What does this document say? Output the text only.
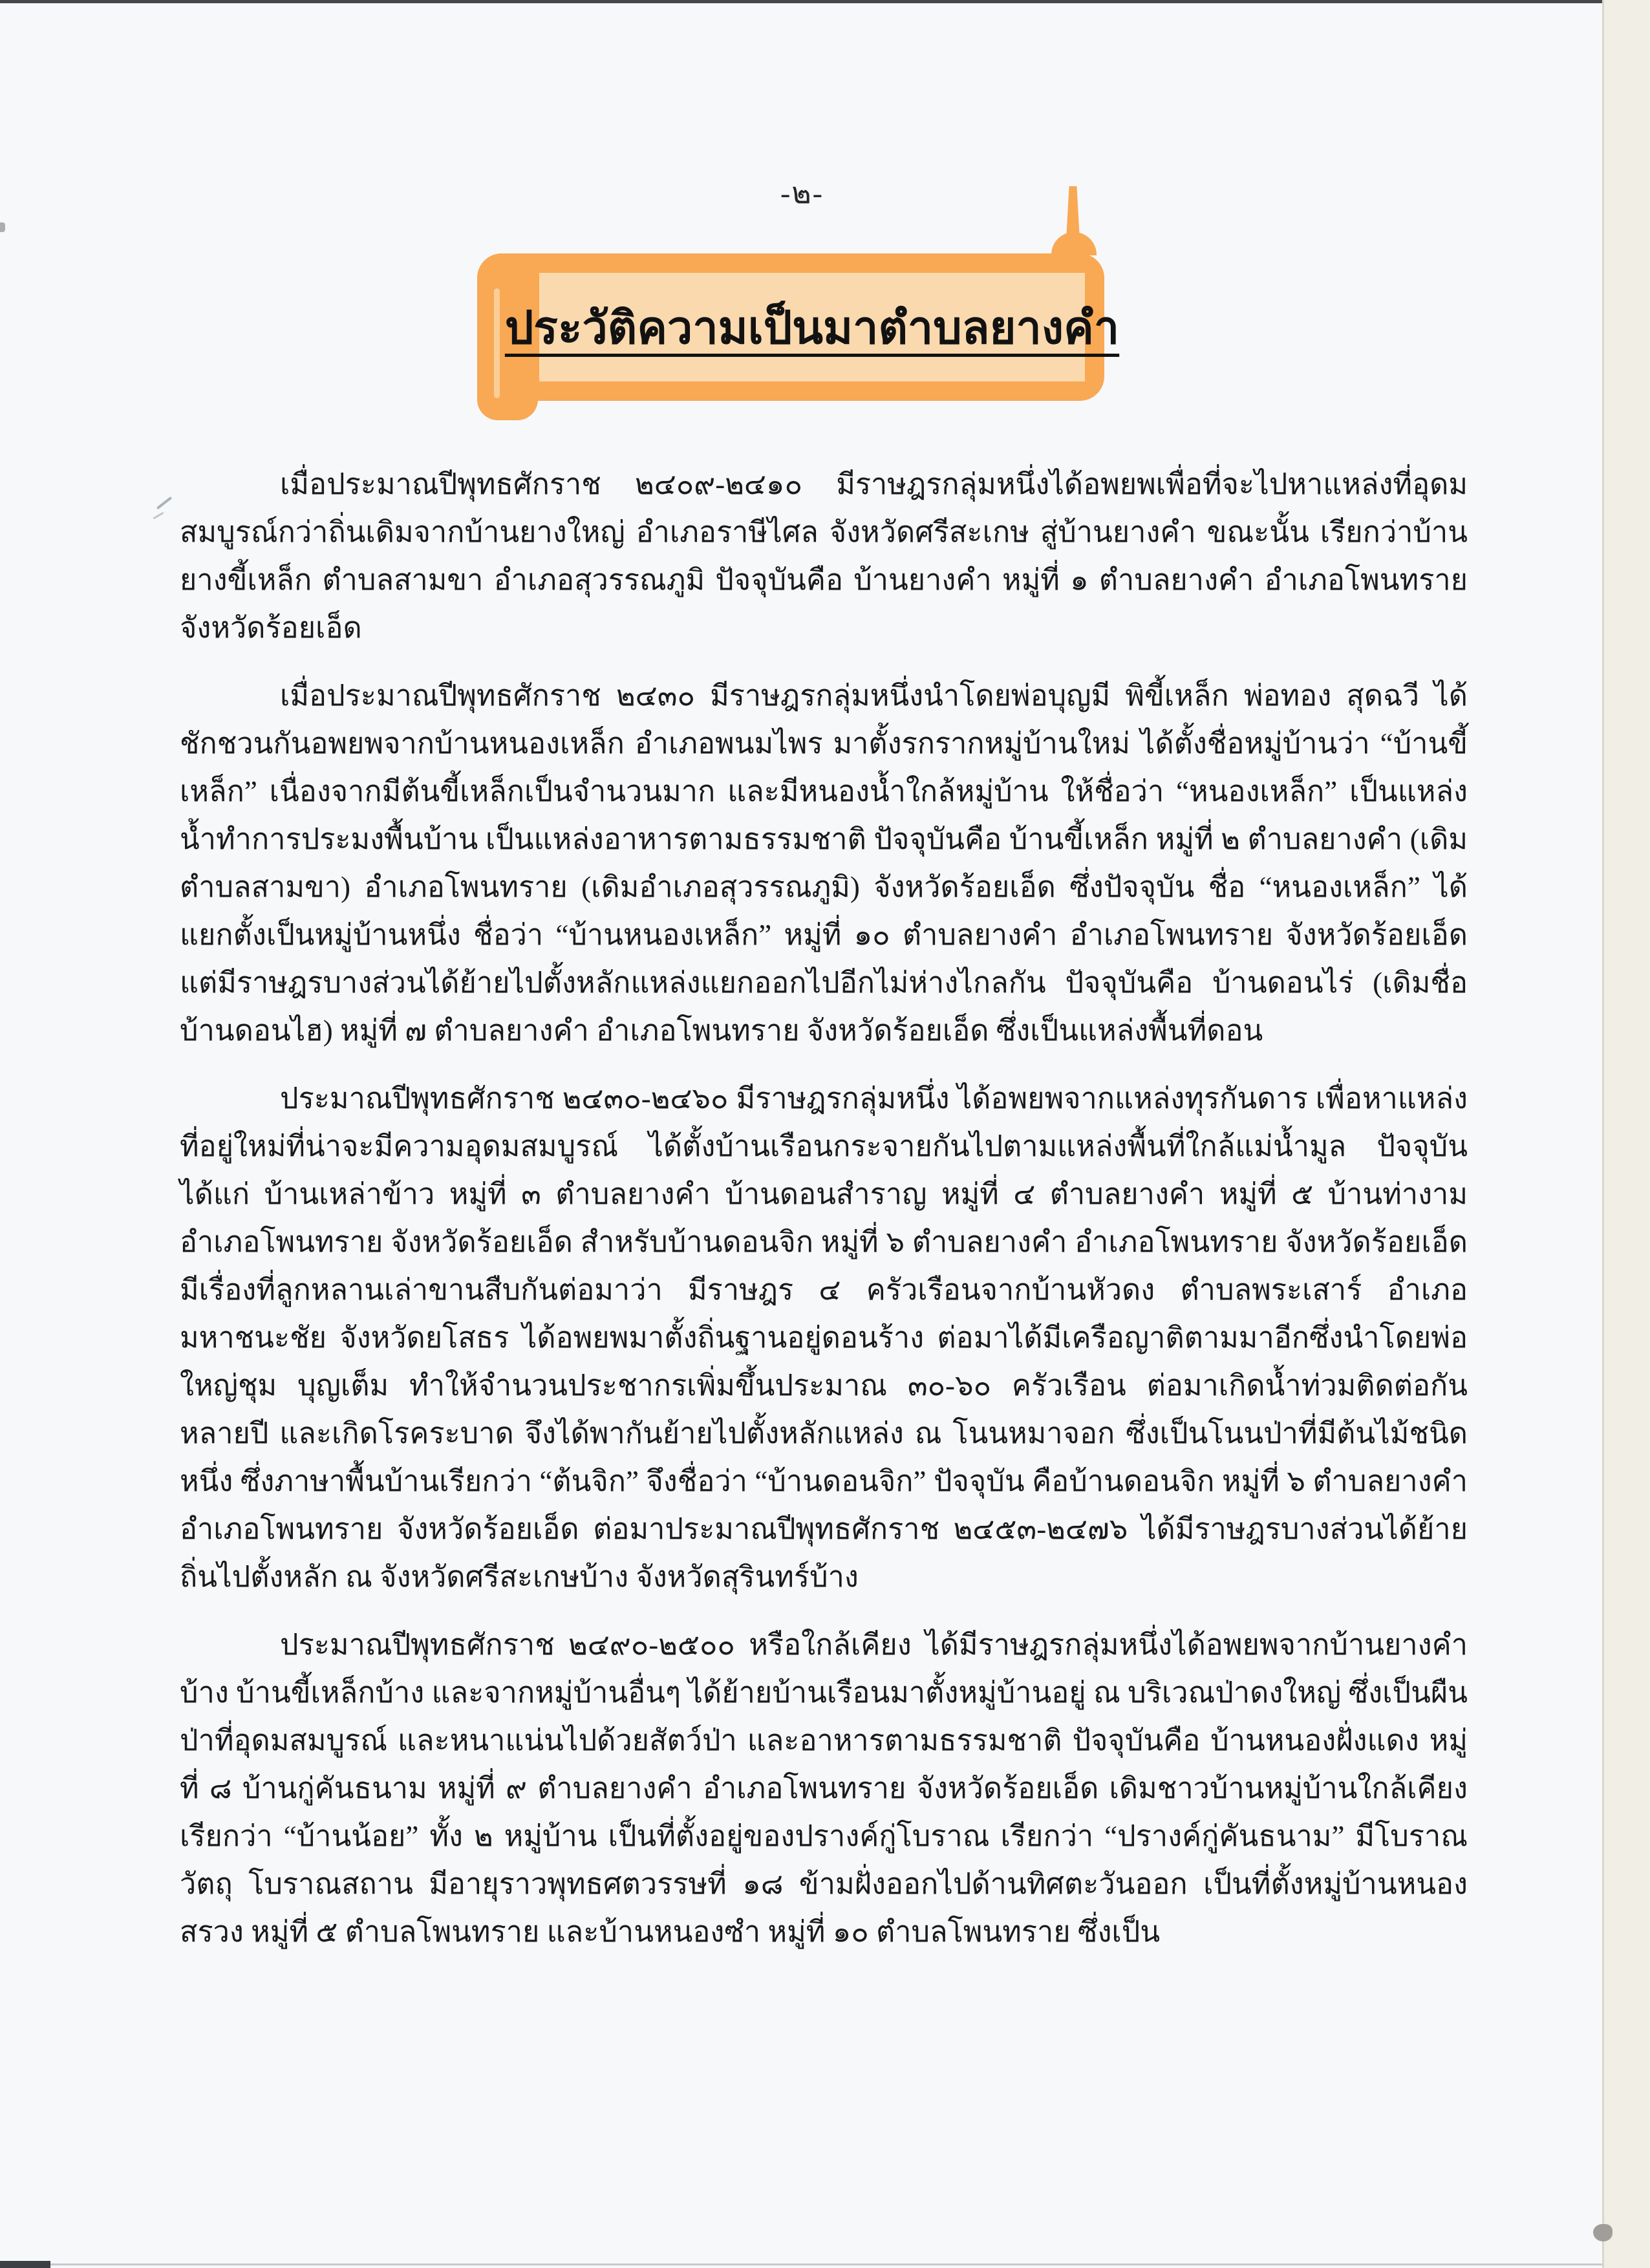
-๒-
ประวัติความเป็นมาตำบลยางคำ

เมื่อประมาณปีพุทธศักราช ๒๔๐๙-๒๔๑๐ มีราษฎรกลุ่มหนึ่งได้อพยพเพื่อที่จะไปหาแหล่งที่อุดมสมบูรณ์กว่าถิ่นเดิมจากบ้านยางใหญ่ อำเภอราษีไศล จังหวัดศรีสะเกษ สู่บ้านยางคำ ขณะนั้น เรียกว่าบ้านยางขี้เหล็ก ตำบลสามขา อำเภอสุวรรณภูมิ ปัจจุบันคือ บ้านยางคำ หมู่ที่ ๑ ตำบลยางคำ อำเภอโพนทราย จังหวัดร้อยเอ็ด

เมื่อประมาณปีพุทธศักราช ๒๔๓๐ มีราษฎรกลุ่มหนึ่งนำโดยพ่อบุญมี พิขี้เหล็ก พ่อทอง สุดฉวี ได้ชักชวนกันอพยพจากบ้านหนองเหล็ก อำเภอพนมไพร มาตั้งรกรากหมู่บ้านใหม่ ได้ตั้งชื่อหมู่บ้านว่า “บ้านขี้เหล็ก” เนื่องจากมีต้นขี้เหล็กเป็นจำนวนมาก และมีหนองน้ำใกล้หมู่บ้าน ให้ชื่อว่า “หนองเหล็ก” เป็นแหล่งน้ำทำการประมงพื้นบ้าน เป็นแหล่งอาหารตามธรรมชาติ ปัจจุบันคือ บ้านขี้เหล็ก หมู่ที่ ๒ ตำบลยางคำ (เดิมตำบลสามขา) อำเภอโพนทราย (เดิมอำเภอสุวรรณภูมิ) จังหวัดร้อยเอ็ด ซึ่งปัจจุบัน ชื่อ “หนองเหล็ก” ได้แยกตั้งเป็นหมู่บ้านหนึ่ง ชื่อว่า “บ้านหนองเหล็ก” หมู่ที่ ๑๐ ตำบลยางคำ อำเภอโพนทราย จังหวัดร้อยเอ็ด แต่มีราษฎรบางส่วนได้ย้ายไปตั้งหลักแหล่งแยกออกไปอีกไม่ห่างไกลกัน ปัจจุบันคือ บ้านดอนไร่ (เดิมชื่อบ้านดอนไฮ) หมู่ที่ ๗ ตำบลยางคำ อำเภอโพนทราย จังหวัดร้อยเอ็ด ซึ่งเป็นแหล่งพื้นที่ดอน

ประมาณปีพุทธศักราช ๒๔๓๐-๒๔๖๐ มีราษฎรกลุ่มหนึ่ง ได้อพยพจากแหล่งทุรกันดาร เพื่อหาแหล่งที่อยู่ใหม่ที่น่าจะมีความอุดมสมบูรณ์ ได้ตั้งบ้านเรือนกระจายกันไปตามแหล่งพื้นที่ใกล้แม่น้ำมูล ปัจจุบันได้แก่ บ้านเหล่าข้าว หมู่ที่ ๓ ตำบลยางคำ บ้านดอนสำราญ หมู่ที่ ๔ ตำบลยางคำ หมู่ที่ ๕ บ้านท่างาม อำเภอโพนทราย จังหวัดร้อยเอ็ด สำหรับบ้านดอนจิก หมู่ที่ ๖ ตำบลยางคำ อำเภอโพนทราย จังหวัดร้อยเอ็ด มีเรื่องที่ลูกหลานเล่าขานสืบกันต่อมาว่า มีราษฎร ๔ ครัวเรือนจากบ้านหัวดง ตำบลพระเสาร์ อำเภอมหาชนะชัย จังหวัดยโสธร ได้อพยพมาตั้งถิ่นฐานอยู่ดอนร้าง ต่อมาได้มีเครือญาติตามมาอีกซึ่งนำโดยพ่อใหญ่ชุม บุญเต็ม ทำให้จำนวนประชากรเพิ่มขึ้นประมาณ ๓๐-๖๐ ครัวเรือน ต่อมาเกิดน้ำท่วมติดต่อกันหลายปี และเกิดโรคระบาด จึงได้พากันย้ายไปตั้งหลักแหล่ง ณ โนนหมาจอก ซึ่งเป็นโนนป่าที่มีต้นไม้ชนิดหนึ่ง ซึ่งภาษาพื้นบ้านเรียกว่า “ต้นจิก” จึงชื่อว่า “บ้านดอนจิก” ปัจจุบัน คือบ้านดอนจิก หมู่ที่ ๖ ตำบลยางคำ อำเภอโพนทราย จังหวัดร้อยเอ็ด ต่อมาประมาณปีพุทธศักราช ๒๔๕๓-๒๔๗๖ ได้มีราษฎรบางส่วนได้ย้ายถิ่นไปตั้งหลัก ณ จังหวัดศรีสะเกษบ้าง จังหวัดสุรินทร์บ้าง

ประมาณปีพุทธศักราช ๒๔๙๐-๒๕๐๐ หรือใกล้เคียง ได้มีราษฎรกลุ่มหนึ่งได้อพยพจากบ้านยางคำบ้าง บ้านขี้เหล็กบ้าง และจากหมู่บ้านอื่นๆ ได้ย้ายบ้านเรือนมาตั้งหมู่บ้านอยู่ ณ บริเวณป่าดงใหญ่ ซึ่งเป็นผืนป่าที่อุดมสมบูรณ์ และหนาแน่นไปด้วยสัตว์ป่า และอาหารตามธรรมชาติ ปัจจุบันคือ บ้านหนองฝั่งแดง หมู่ที่ ๘ บ้านกู่คันธนาม หมู่ที่ ๙ ตำบลยางคำ อำเภอโพนทราย จังหวัดร้อยเอ็ด เดิมชาวบ้านหมู่บ้านใกล้เคียง เรียกว่า “บ้านน้อย” ทั้ง ๒ หมู่บ้าน เป็นที่ตั้งอยู่ของปรางค์กู่โบราณ เรียกว่า “ปรางค์กู่คันธนาม” มีโบราณวัตถุ โบราณสถาน มีอายุราวพุทธศตวรรษที่ ๑๘ ข้ามฝั่งออกไปด้านทิศตะวันออก เป็นที่ตั้งหมู่บ้านหนองสรวง หมู่ที่ ๕ ตำบลโพนทราย และบ้านหนองซำ หมู่ที่ ๑๐ ตำบลโพนทราย ซึ่งเป็น
